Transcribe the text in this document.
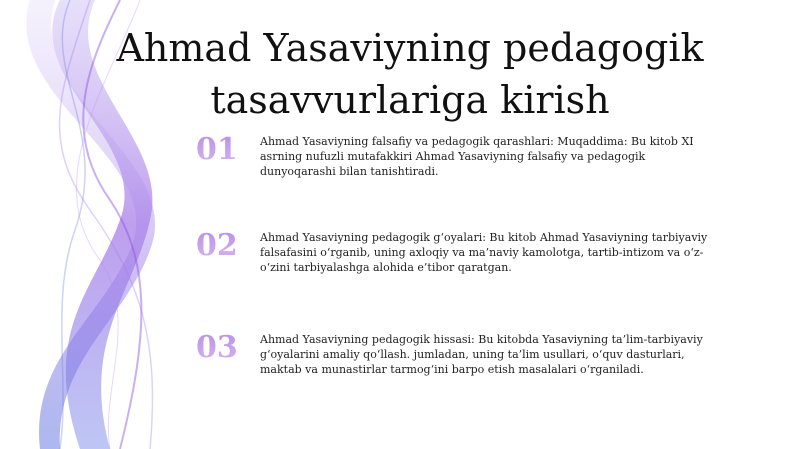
Ahmad Yasaviyning pedagogik tasavvurlariga kirish
01	Ahmad Yasaviyning falsafiy va pedagogik qarashlari: Muqaddima: Bu kitob XI asrning nufuzli mutafakkiri Ahmad Yasaviyning falsafiy va pedagogik dunyoqarashi bilan tanishtiradi.

02	Ahmad Yasaviyning pedagogik g‘oyalari: Bu kitob Ahmad Yasaviyning tarbiyaviy falsafasini o‘rganib, uning axloqiy va ma’naviy kamolotga, tartib-intizom va o‘z-o‘zini tarbiyalashga alohida e’tibor qaratgan.

03	Ahmad Yasaviyning pedagogik hissasi: Bu kitobda Yasaviyning ta’lim-tarbiyaviy g‘oyalarini amaliy qo‘llash. jumladan, uning ta’lim usullari, o‘quv dasturlari, maktab va munastirlar tarmog‘ini barpo etish masalalari o‘rganiladi.
